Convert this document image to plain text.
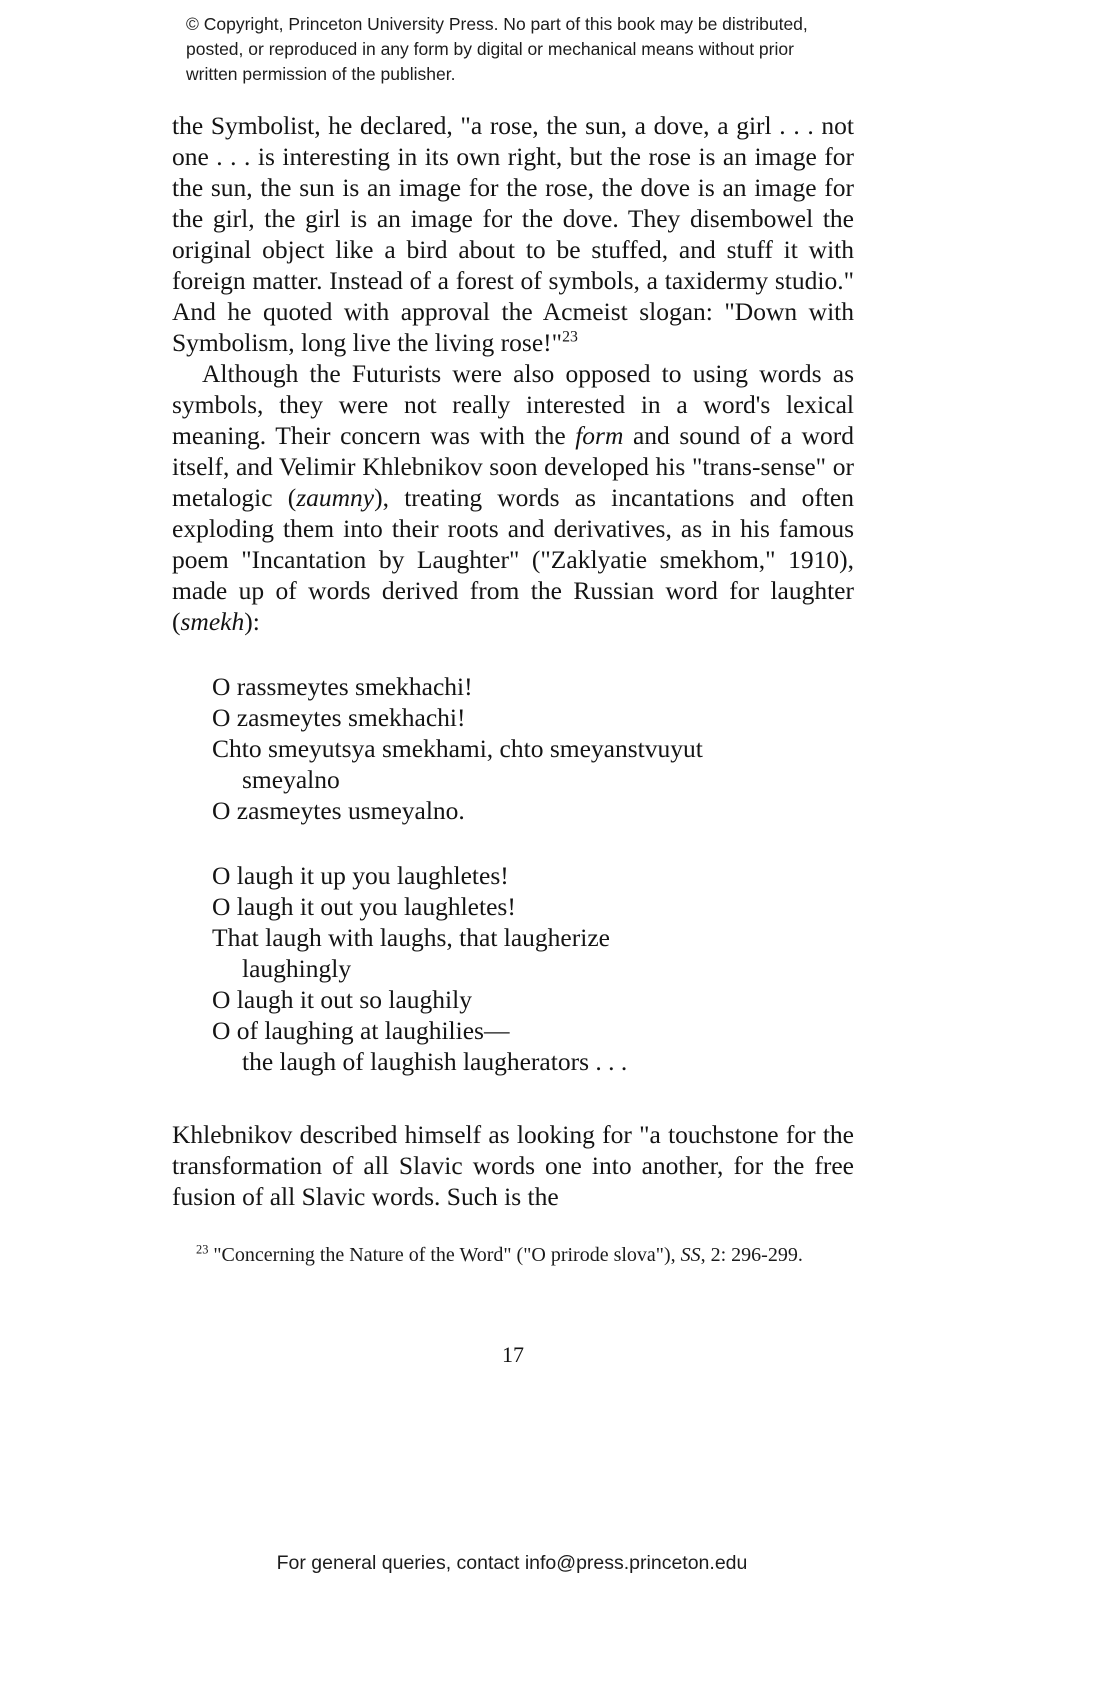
© Copyright, Princeton University Press. No part of this book may be distributed, posted, or reproduced in any form by digital or mechanical means without prior written permission of the publisher.

the Symbolist, he declared, "a rose, the sun, a dove, a girl . . . not one . . . is interesting in its own right, but the rose is an image for the sun, the sun is an image for the rose, the dove is an image for the girl, the girl is an image for the dove. They disembowel the original object like a bird about to be stuffed, and stuff it with foreign matter. Instead of a forest of symbols, a taxidermy studio." And he quoted with approval the Acmeist slogan: "Down with Symbolism, long live the living rose!"$^{23}$

Although the Futurists were also opposed to using words as symbols, they were not really interested in a word's lexical meaning. Their concern was with the form and sound of a word itself, and Velimir Khlebnikov soon developed his "trans-sense" or metalogic (zaumny), treating words as incantations and often exploding them into their roots and derivatives, as in his famous poem "Incantation by Laughter" ("Zaklyatie smekhom," 1910), made up of words derived from the Russian word for laughter (smekh):

O rassmeytes smekhachi!
O zasmeytes smekhachi!
Chto smeyutsya smekhami, chto smeyanstvuyut
smeyalno
O zasmeytes usmeyalno.
O laugh it up you laughletes!
O laugh it out you laughletes!
That laugh with laughs, that laugherize
laughingly
O laugh it out so laughily
O of laughing at laughilies—
the laugh of laughish laugherators . . .

Khlebnikov described himself as looking for "a touchstone for the transformation of all Slavic words one into another, for the free fusion of all Slavic words. Such is the

$^{23}$ "Concerning the Nature of the Word" ("O prirode slova"), SS, 2: 296-299.
17
For general queries, contact info@press.princeton.edu
